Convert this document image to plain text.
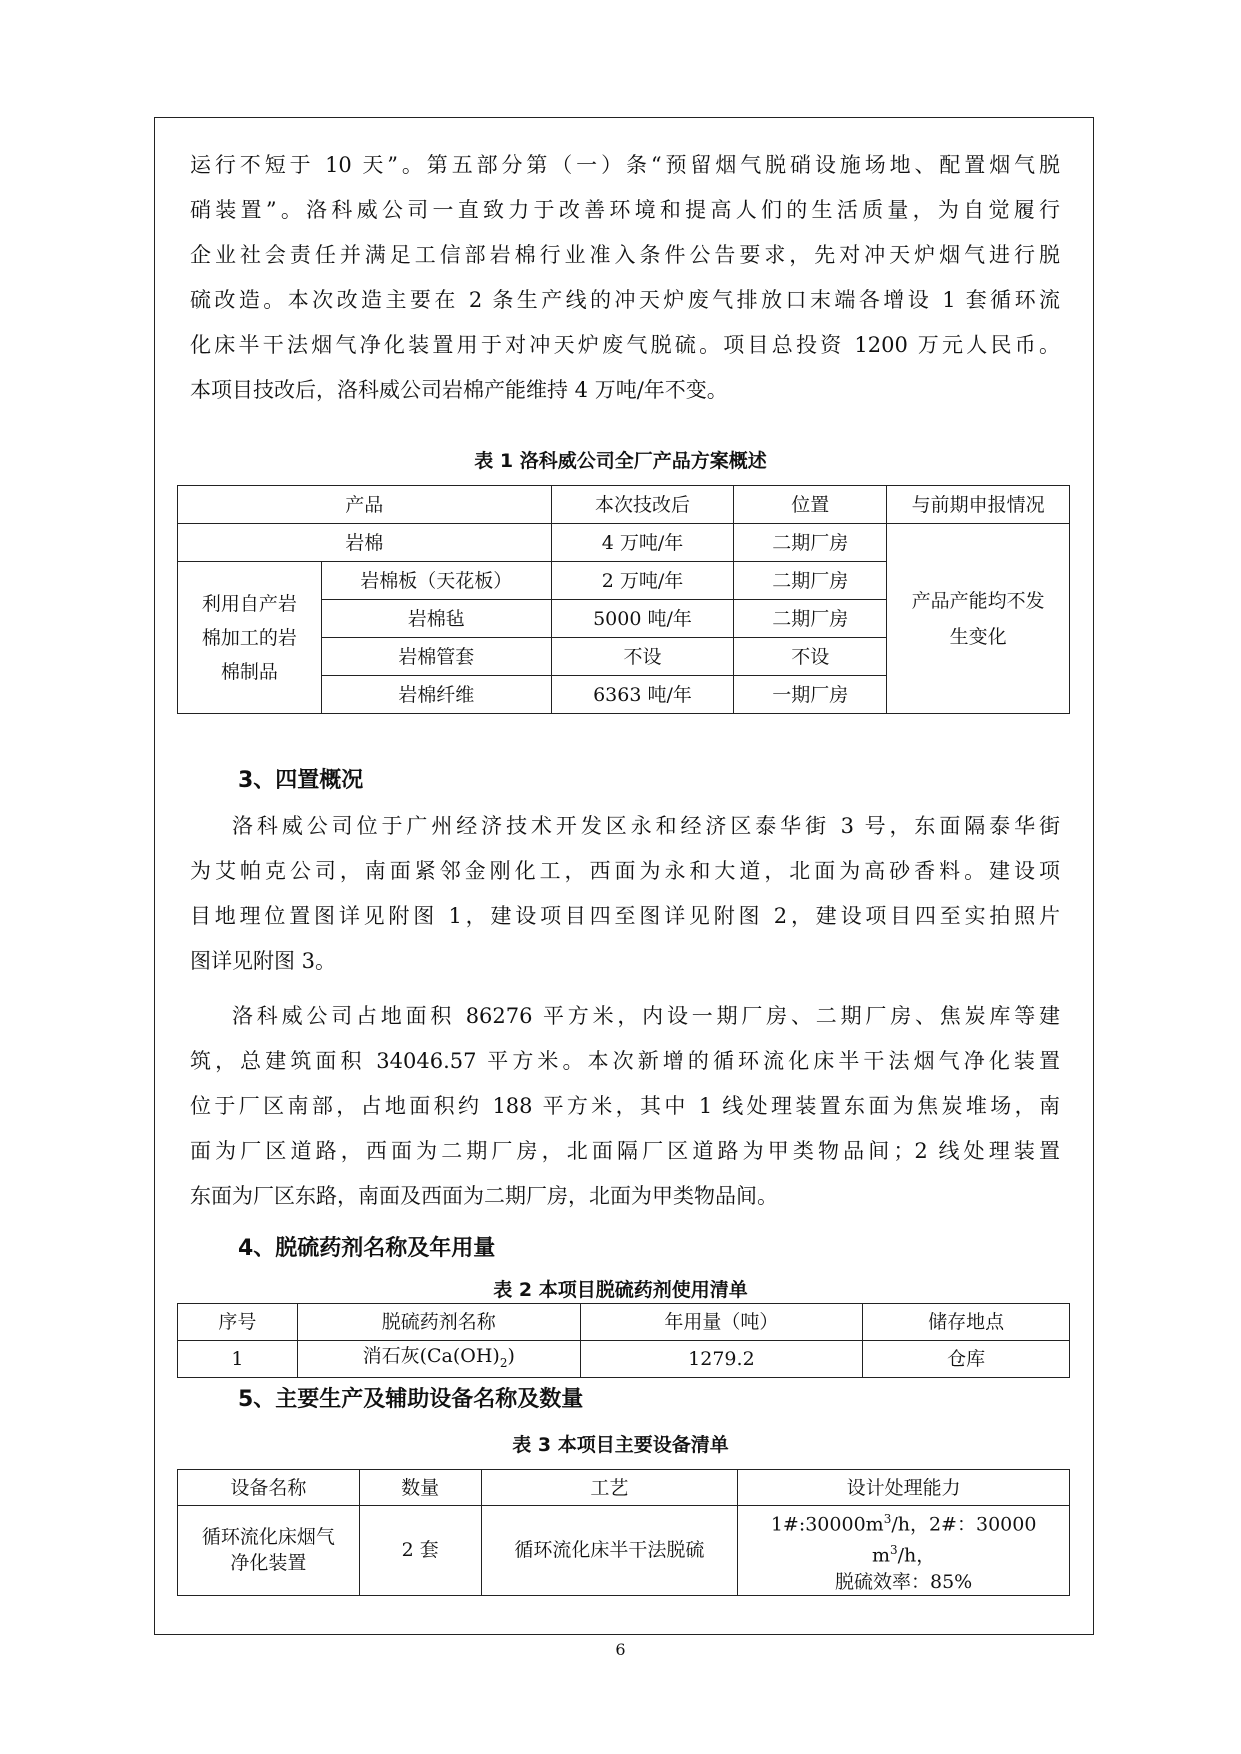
运行不短于 10 天”。第五部分第（一）条“预留烟气脱硝设施场地、配置烟气脱
硝装置”。洛科威公司一直致力于改善环境和提高人们的生活质量，为自觉履行
企业社会责任并满足工信部岩棉行业准入条件公告要求，先对冲天炉烟气进行脱
硫改造。本次改造主要在 2 条生产线的冲天炉废气排放口末端各增设 1 套循环流
化床半干法烟气净化装置用于对冲天炉废气脱硫。项目总投资 1200 万元人民币。
本项目技改后，洛科威公司岩棉产能维持 4 万吨/年不变。
表 1 洛科威公司全厂产品方案概述
产品		本次技改后	位置	与前期申报情况
岩棉		4 万吨/年	二期厂房	产品产能均不发
生变化
利用自产岩
棉加工的岩
棉制品	岩棉板（天花板）	2 万吨/年	二期厂房	
	岩棉毡	5000 吨/年	二期厂房	
	岩棉管套	不设	不设	
	岩棉纤维	6363 吨/年	一期厂房	
3、四置概况
洛科威公司位于广州经济技术开发区永和经济区泰华街 3 号，东面隔泰华街
为艾帕克公司，南面紧邻金刚化工，西面为永和大道，北面为高砂香料。建设项
目地理位置图详见附图 1，建设项目四至图详见附图 2，建设项目四至实拍照片
图详见附图 3。
洛科威公司占地面积 86276 平方米，内设一期厂房、二期厂房、焦炭库等建
筑，总建筑面积 34046.57 平方米。本次新增的循环流化床半干法烟气净化装置
位于厂区南部，占地面积约 188 平方米，其中 1 线处理装置东面为焦炭堆场，南
面为厂区道路，西面为二期厂房，北面隔厂区道路为甲类物品间；2 线处理装置
东面为厂区东路，南面及西面为二期厂房，北面为甲类物品间。
4、脱硫药剂名称及年用量
表 2 本项目脱硫药剂使用清单
序号	脱硫药剂名称	年用量（吨）	储存地点
1	消石灰$(Ca(OH)_2)$	1279.2	仓库
5、主要生产及辅助设备名称及数量
表 3 本项目主要设备清单
设备名称	数量	工艺	设计处理能力
循环流化床烟气
净化装置	2 套	循环流化床半干法脱硫	$1\#:30000m^3/h$，2#：30000 $m^3/h$，
脱硫效率：85%
6
